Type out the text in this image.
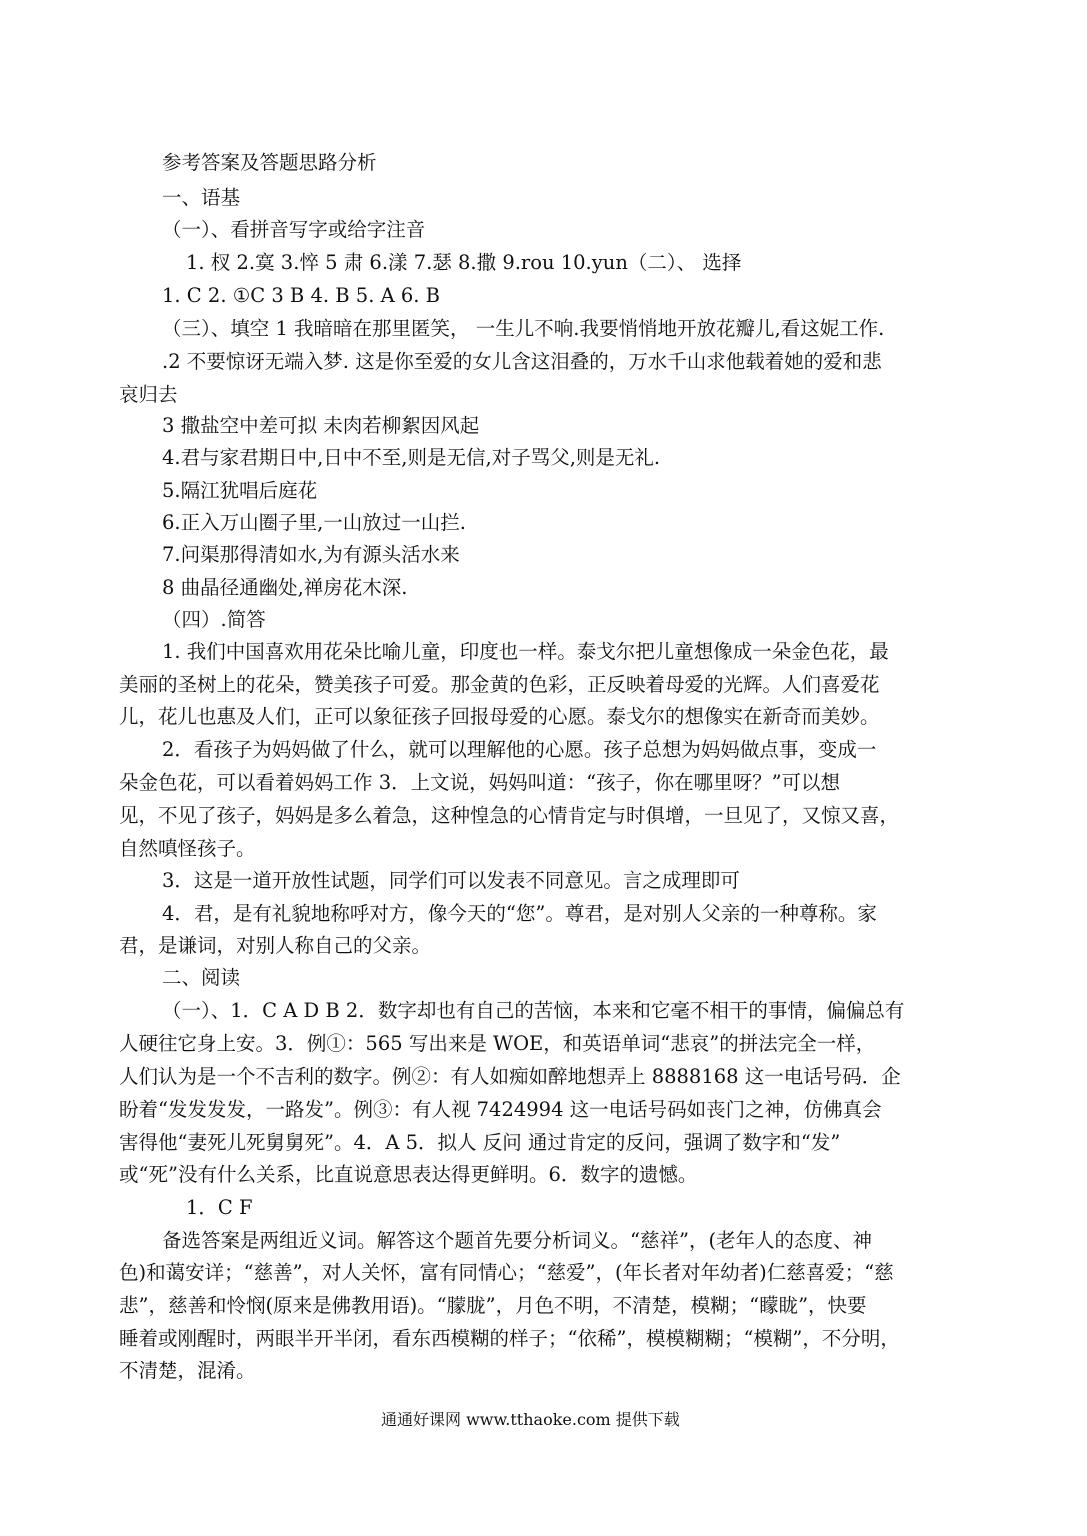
参考答案及答题思路分析
一、语基
（一）、看拼音写字或给字注音
1. 杈 2.寞 3.悴 5 肃 6.漾 7.瑟 8.撒 9.rou 10.yun（二）、 选择
1. C 2. ①C 3 B 4. B 5. A 6. B
（三）、填空 1 我暗暗在那里匿笑， 一生儿不响.我要悄悄地开放花瓣儿,看这妮工作.
.2 不要惊讶无端入梦. 这是你至爱的女儿含这泪叠的，万水千山求他载着她的爱和悲
哀归去
3 撒盐空中差可拟 未肉若柳絮因风起
4.君与家君期日中,日中不至,则是无信,对子骂父,则是无礼.
5.隔江犹唱后庭花
6.正入万山圈子里,一山放过一山拦.
7.问渠那得清如水,为有源头活水来
8 曲晶径通幽处,禅房花木深.
（四）.简答
1. 我们中国喜欢用花朵比喻儿童，印度也一样。泰戈尔把儿童想像成一朵金色花，最
美丽的圣树上的花朵，赞美孩子可爱。那金黄的色彩，正反映着母爱的光辉。人们喜爱花
儿，花儿也惠及人们，正可以象征孩子回报母爱的心愿。泰戈尔的想像实在新奇而美妙。
2．看孩子为妈妈做了什么，就可以理解他的心愿。孩子总想为妈妈做点事，变成一
朵金色花，可以看着妈妈工作 3．上文说，妈妈叫道：“孩子，你在哪里呀？”可以想
见，不见了孩子，妈妈是多么着急，这种惶急的心情肯定与时俱增，一旦见了，又惊又喜，
自然嗔怪孩子。
3．这是一道开放性试题，同学们可以发表不同意见。言之成理即可
4．君，是有礼貌地称呼对方，像今天的“您”。尊君，是对别人父亲的一种尊称。家
君，是谦词，对别人称自己的父亲。
二、阅读
（一）、1．C A D B 2．数字却也有自己的苦恼，本来和它毫不相干的事情，偏偏总有
人硬往它身上安。3．例①：565 写出来是 WOE，和英语单词“悲哀”的拼法完全一样，
人们认为是一个不吉利的数字。例②：有人如痴如醉地想弄上 8888168 这一电话号码．企
盼着“发发发发，一路发”。例③：有人视 7424994 这一电话号码如丧门之神，仿佛真会
害得他“妻死儿死舅舅死”。4．A 5．拟人 反问 通过肯定的反问，强调了数字和“发”
或“死”没有什么关系，比直说意思表达得更鲜明。6．数字的遗憾。
1．C F
备选答案是两组近义词。解答这个题首先要分析词义。“慈祥”，(老年人的态度、神
色)和蔼安详；“慈善”，对人关怀，富有同情心；“慈爱”，(年长者对年幼者)仁慈喜爱；“慈
悲”，慈善和怜悯(原来是佛教用语)。“朦胧”，月色不明，不清楚，模糊；“矇眬”，快要
睡着或刚醒时，两眼半开半闭，看东西模糊的样子；“依稀”，模模糊糊；“模糊”，不分明，
不清楚，混淆。
通通好课网 www.tthaoke.com 提供下载
